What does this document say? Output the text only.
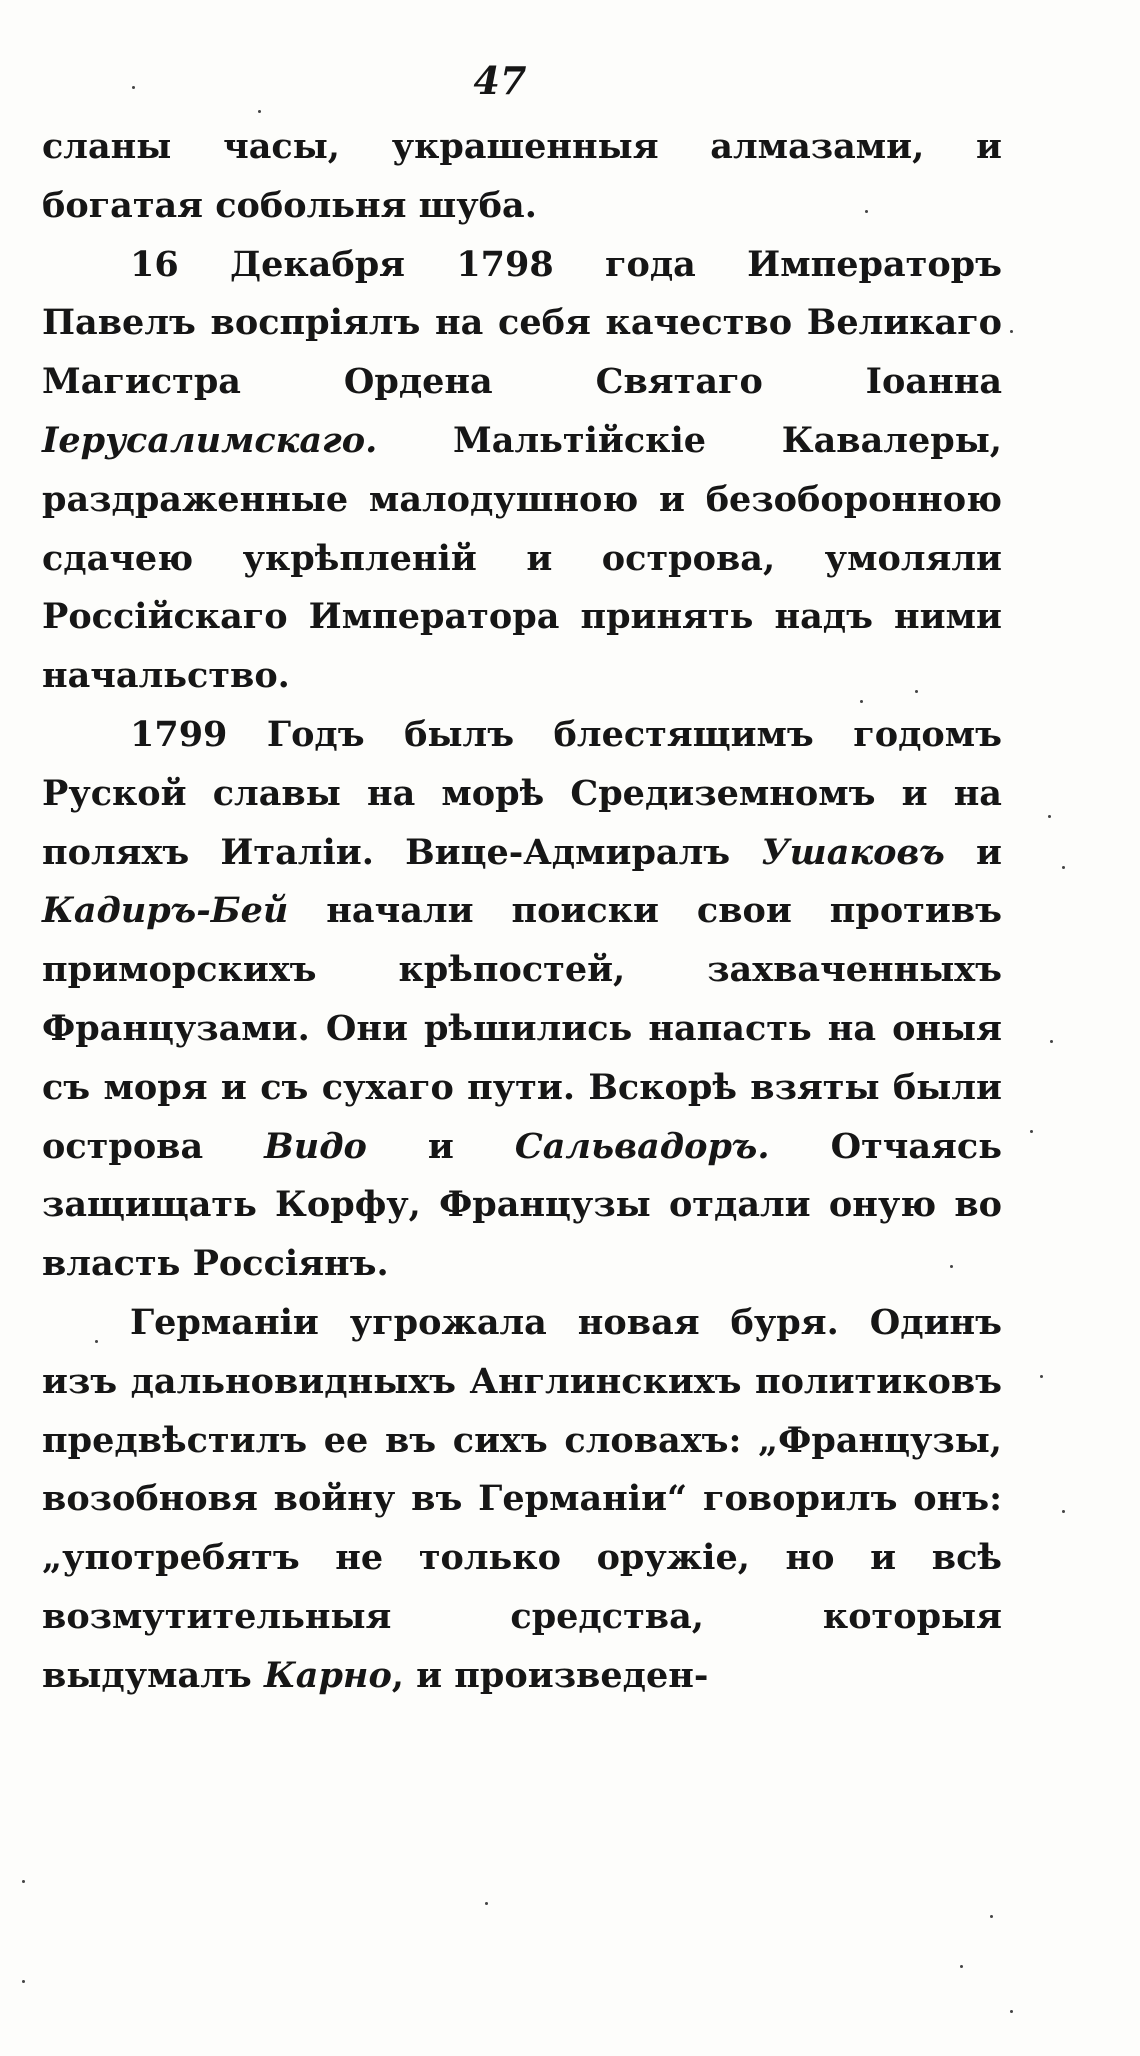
47

сланы часы, украшенныя алмазами, и богатая собольня шуба.

16 Декабря 1798 года Императоръ Павелъ воспріялъ на себя качество Великаго Магистра Ордена Святаго Іоанна Іерусалимскаго. Мальтійскіе Кавалеры, раздраженные малодушною и безоборонною сдачею укрѣпленій и острова, умоляли Россійскаго Императора принять надъ ними начальство.

1799 Годъ былъ блестящимъ годомъ Руской славы на морѣ Средиземномъ и на поляхъ Италіи. Вице-Адмиралъ Ушаковъ и Кадиръ-Бей начали поиски свои противъ приморскихъ крѣпостей, захваченныхъ Французами. Они рѣшились напасть на оныя съ моря и съ сухаго пути. Вскорѣ взяты были острова Видо и Сальвадоръ. Отчаясь защищать Корфу, Французы отдали оную во власть Россіянъ.

Германіи угрожала новая буря. Одинъ изъ дальновидныхъ Англинскихъ политиковъ предвѣстилъ ее въ сихъ словахъ: „Французы, возобновя войну въ Германіи“ говорилъ онъ: „употребятъ не только оружіе, но и всѣ возмутительныя средства, которыя выдумалъ Карно, и произведен-
